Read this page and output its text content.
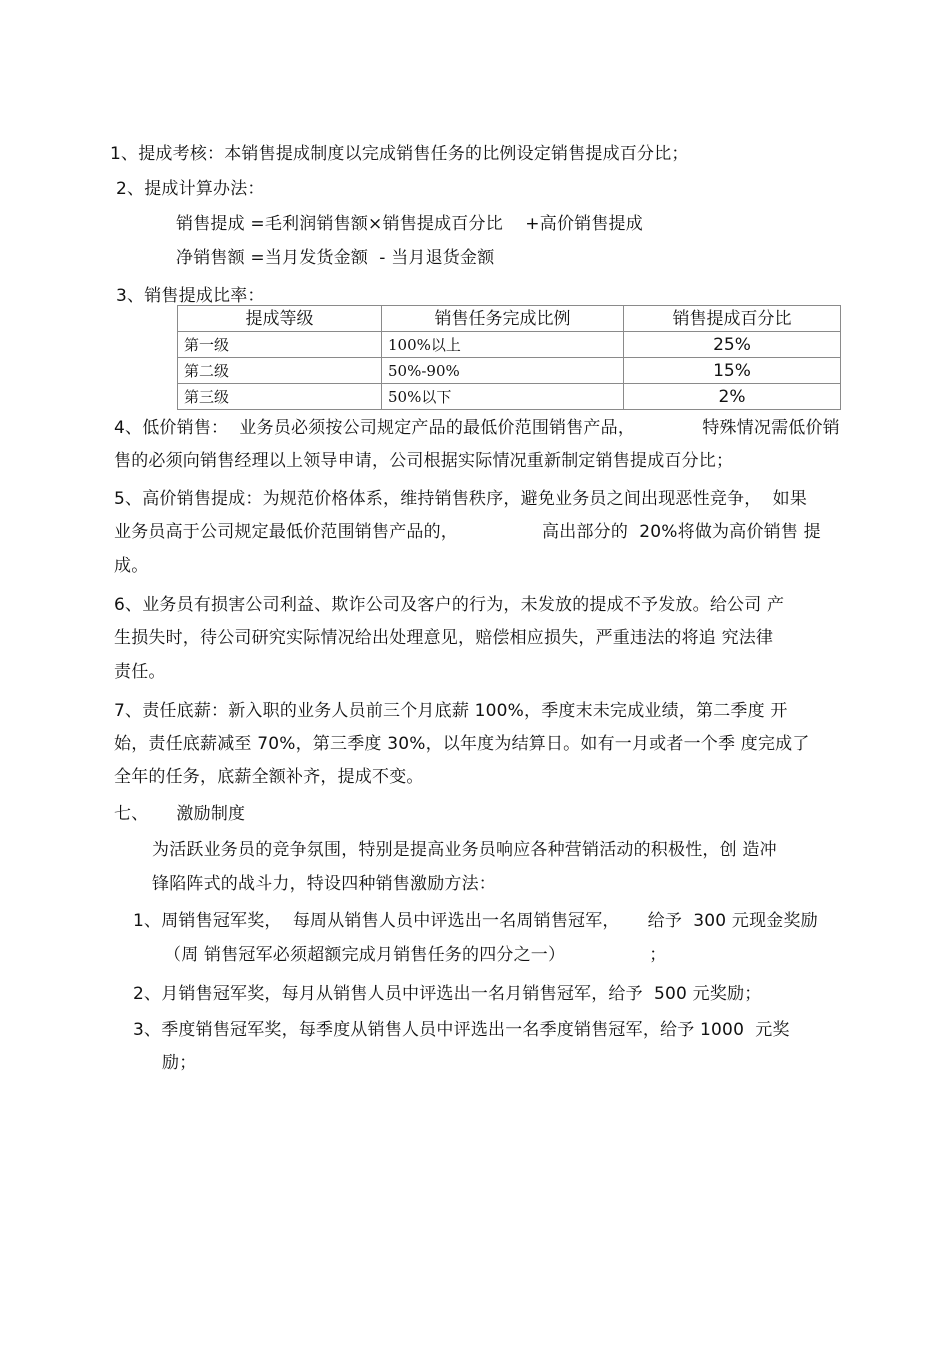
1、提成考核：本销售提成制度以完成销售任务的比例设定销售提成百分比；
2、提成计算办法：
销售提成 =毛利润销售额×销售提成百分比    +高价销售提成
净销售额 =当月发货金额  - 当月退货金额
3、销售提成比率：
提成等级	销售任务完成比例	销售提成百分比
第一级	100%以上	25%
第二级	50%-90%	15%
第三级	50%以下	2%
4、低价销售：  业务员必须按公司规定产品的最低价范围销售产品，            特殊情况需低价销
售的必须向销售经理以上领导申请，公司根据实际情况重新制定销售提成百分比；
5、高价销售提成：为规范价格体系，维持销售秩序，避免业务员之间出现恶性竞争，  如果
业务员高于公司规定最低价范围销售产品的，               高出部分的  20%将做为高价销售 提
成。
6、业务员有损害公司利益、欺诈公司及客户的行为，未发放的提成不予发放。给公司 产
生损失时，待公司研究实际情况给出处理意见，赔偿相应损失，严重违法的将追 究法律
责任。
7、责任底薪：新入职的业务人员前三个月底薪 100%，季度末未完成业绩，第二季度 开
始，责任底薪减至 70%，第三季度 30%，以年度为结算日。如有一月或者一个季 度完成了
全年的任务，底薪全额补齐，提成不变。
七、     激励制度
为活跃业务员的竞争氛围，特别是提高业务员响应各种营销活动的积极性，创 造冲
锋陷阵式的战斗力，特设四种销售激励方法：
1、周销售冠军奖，  每周从销售人员中评选出一名周销售冠军，     给予  300 元现金奖励
（周 销售冠军必须超额完成月销售任务的四分之一）               ；
2、月销售冠军奖，每月从销售人员中评选出一名月销售冠军，给予  500 元奖励；
3、季度销售冠军奖，每季度从销售人员中评选出一名季度销售冠军，给予 1000  元奖
励；
